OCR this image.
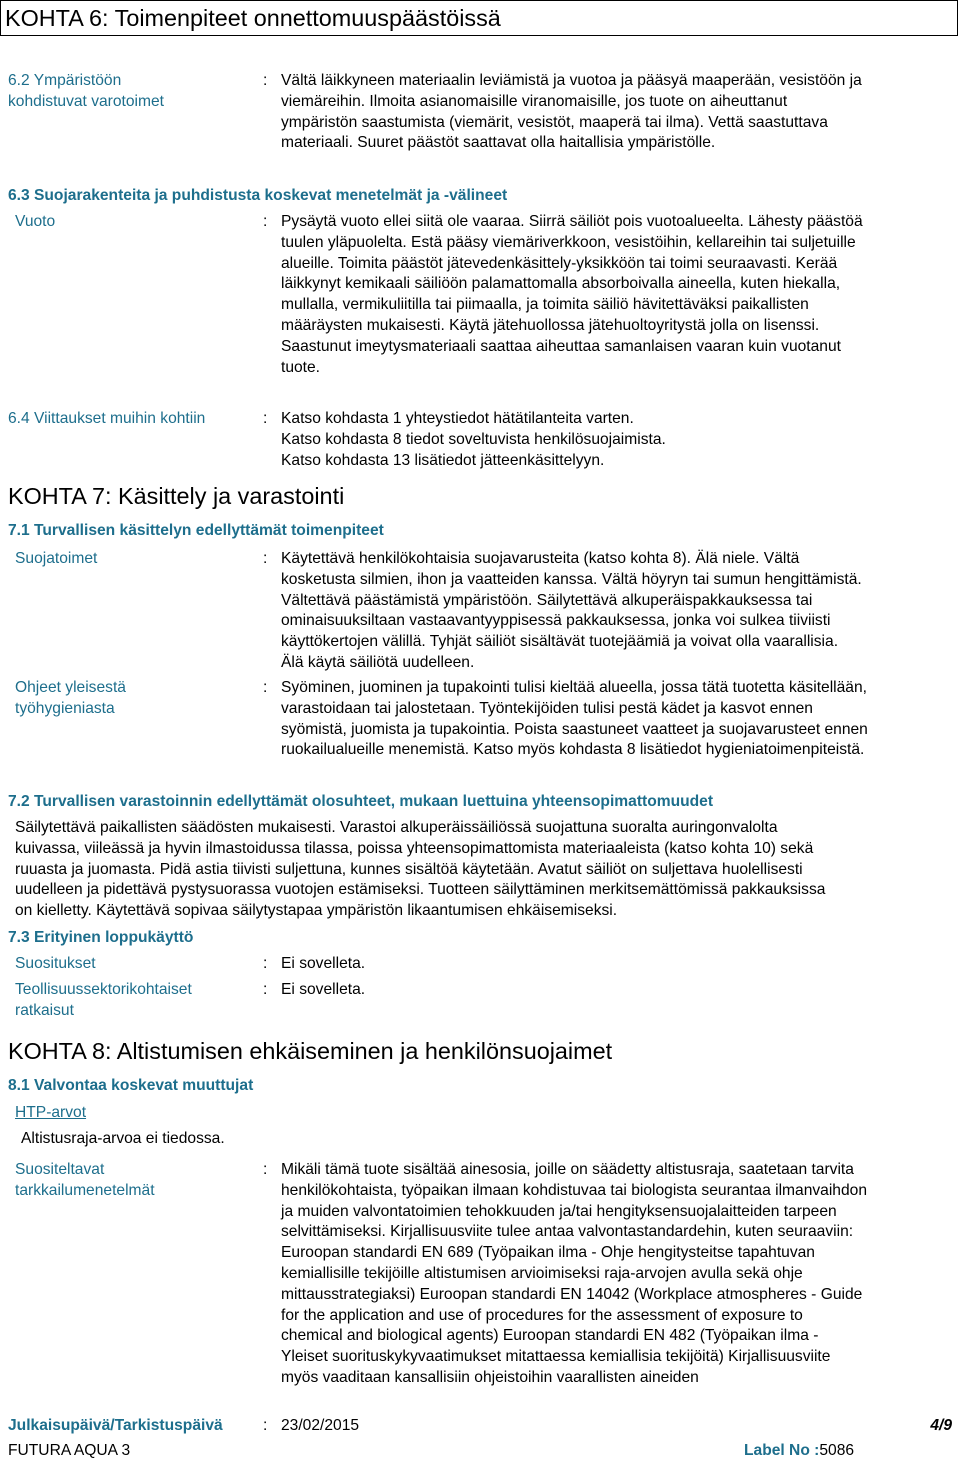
KOHTA 6: Toimenpiteet onnettomuuspäästöissä
6.2 Ympäristöön
kohdistuvat varotoimet
: Vältä läikkyneen materiaalin leviämistä ja vuotoa ja pääsyä maaperään, vesistöön ja
viemäreihin. Ilmoita asianomaisille viranomaisille, jos tuote on aiheuttanut
ympäristön saastumista (viemärit, vesistöt, maaperä tai ilma). Vettä saastuttava
materiaali. Suuret päästöt saattavat olla haitallisia ympäristölle.
6.3 Suojarakenteita ja puhdistusta koskevat menetelmät ja -välineet
Vuoto	: Pysäytä vuoto ellei siitä ole vaaraa. Siirrä säiliöt pois vuotoalueelta. Lähesty päästöä
tuulen yläpuolelta. Estä pääsy viemäriverkkoon, vesistöihin, kellareihin tai suljetuille
alueille. Toimita päästöt jätevedenkäsittely-yksikköön tai toimi seuraavasti. Kerää
läikkynyt kemikaali säiliöön palamattomalla absorboivalla aineella, kuten hiekalla,
mullalla, vermikuliitilla tai piimaalla, ja toimita säiliö hävitettäväksi paikallisten
määräysten mukaisesti. Käytä jätehuollossa jätehuoltoyritystä jolla on lisenssi.
Saastunut imeytysmateriaali saattaa aiheuttaa samanlaisen vaaran kuin vuotanut
tuote.
6.4 Viittaukset muihin kohtiin	: Katso kohdasta 1 yhteystiedot hätätilanteita varten.
Katso kohdasta 8 tiedot soveltuvista henkilösuojaimista.
Katso kohdasta 13 lisätiedot jätteenkäsittelyyn.
KOHTA 7: Käsittely ja varastointi
7.1 Turvallisen käsittelyn edellyttämät toimenpiteet
Suojatoimet	: Käytettävä henkilökohtaisia suojavarusteita (katso kohta 8). Älä niele. Vältä
kosketusta silmien, ihon ja vaatteiden kanssa. Vältä höyryn tai sumun hengittämistä.
Vältettävä päästämistä ympäristöön. Säilytettävä alkuperäispakkauksessa tai
ominaisuuksiltaan vastaavantyyppisessä pakkauksessa, jonka voi sulkea tiiviisti
käyttökertojen välillä. Tyhjät säiliöt sisältävät tuotejäämiä ja voivat olla vaarallisia.
Älä käytä säiliötä uudelleen.
Ohjeet yleisestä
työhygieniasta
: Syöminen, juominen ja tupakointi tulisi kieltää alueella, jossa tätä tuotetta käsitellään,
varastoidaan tai jalostetaan. Työntekijöiden tulisi pestä kädet ja kasvot ennen
syömistä, juomista ja tupakointia. Poista saastuneet vaatteet ja suojavarusteet ennen
ruokailualueille menemistä. Katso myös kohdasta 8 lisätiedot hygieniatoimenpiteistä.
7.2 Turvallisen varastoinnin edellyttämät olosuhteet, mukaan luettuina yhteensopimattomuudet
Säilytettävä paikallisten säädösten mukaisesti. Varastoi alkuperäissäiliössä suojattuna suoralta auringonvalolta
kuivassa, viileässä ja hyvin ilmastoidussa tilassa, poissa yhteensopimattomista materiaaleista (katso kohta 10) sekä
ruuasta ja juomasta. Pidä astia tiivisti suljettuna, kunnes sisältöä käytetään. Avatut säiliöt on suljettava huolellisesti
uudelleen ja pidettävä pystysuorassa vuotojen estämiseksi. Tuotteen säilyttäminen merkitsemättömissä pakkauksissa
on kielletty. Käytettävä sopivaa säilytystapaa ympäristön likaantumisen ehkäisemiseksi.
7.3 Erityinen loppukäyttö
Suositukset	: Ei sovelleta.
Teollisuussektorikohtaiset
ratkaisut
: Ei sovelleta.
KOHTA 8: Altistumisen ehkäiseminen ja henkilönsuojaimet
8.1 Valvontaa koskevat muuttujat
HTP-arvot
Altistusraja-arvoa ei tiedossa.
Suositeltavat
tarkkailumenetelmät
: Mikäli tämä tuote sisältää ainesosia, joille on säädetty altistusraja, saatetaan tarvita
henkilökohtaista, työpaikan ilmaan kohdistuvaa tai biologista seurantaa ilmanvaihdon
ja muiden valvontatoimien tehokkuuden ja/tai hengityksensuojalaitteiden tarpeen
selvittämiseksi. Kirjallisuusviite tulee antaa valvontastandardehin, kuten seuraaviin:
Euroopan standardi EN 689 (Työpaikan ilma - Ohje hengitysteitse tapahtuvan
kemiallisille tekijöille altistumisen arvioimiseksi raja-arvojen avulla sekä ohje
mittausstrategiaksi) Euroopan standardi EN 14042 (Workplace atmospheres - Guide
for the application and use of procedures for the assessment of exposure to
chemical and biological agents) Euroopan standardi EN 482 (Työpaikan ilma -
Yleiset suorituskykyvaatimukset mitattaessa kemiallisia tekijöitä) Kirjallisuusviite
myös vaaditaan kansallisiin ohjeistoihin vaarallisten aineiden
Julkaisupäivä/Tarkistuspäivä	: 23/02/2015	4/9
FUTURA AQUA 3	Label No :5086
